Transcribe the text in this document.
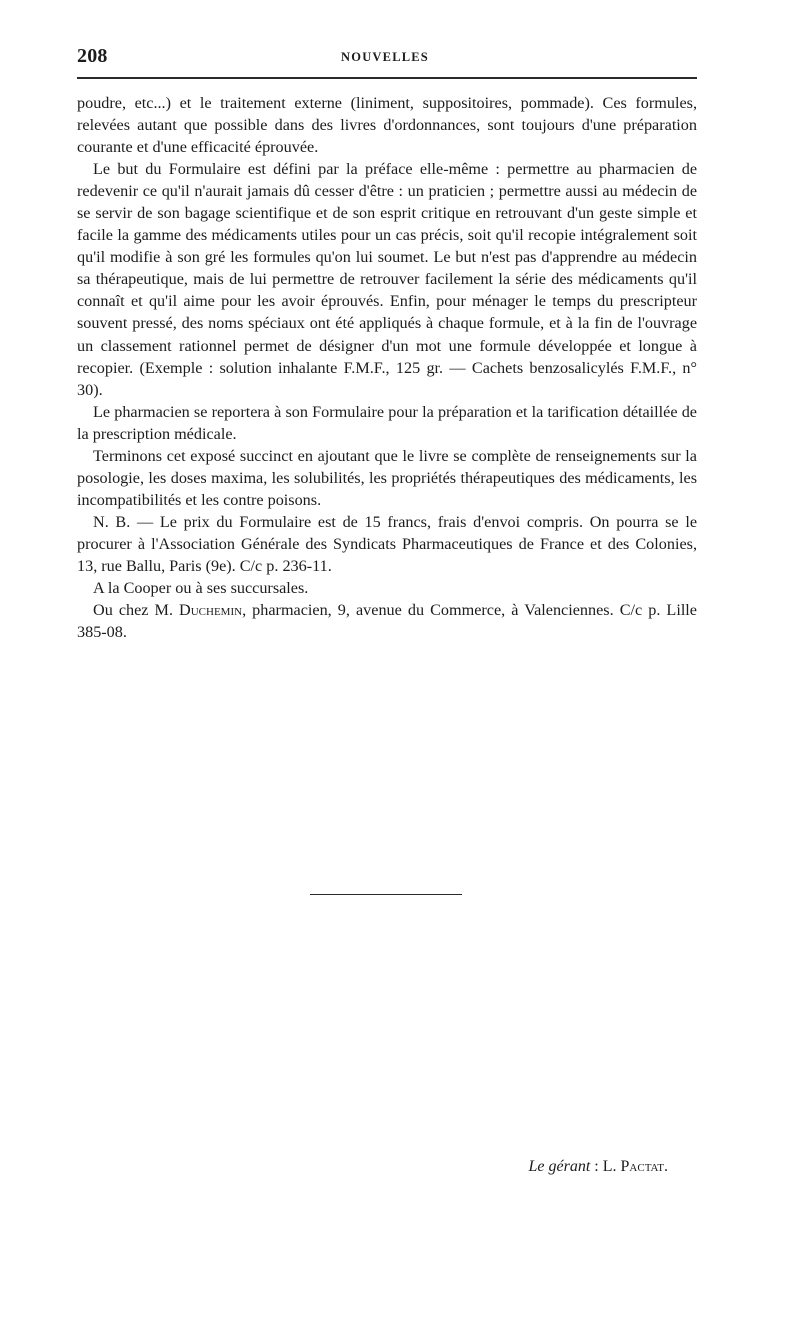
208	NOUVELLES

poudre, etc...) et le traitement externe (liniment, suppositoires, pommade). Ces formules, relevées autant que possible dans des livres d'ordonnances, sont toujours d'une préparation courante et d'une efficacité éprouvée.

Le but du Formulaire est défini par la préface elle-même : permettre au pharmacien de redevenir ce qu'il n'aurait jamais dû cesser d'être : un praticien ; permettre aussi au médecin de se servir de son bagage scientifique et de son esprit critique en retrouvant d'un geste simple et facile la gamme des médicaments utiles pour un cas précis, soit qu'il recopie intégralement soit qu'il modifie à son gré les formules qu'on lui soumet. Le but n'est pas d'apprendre au médecin sa thérapeutique, mais de lui permettre de retrouver facilement la série des médicaments qu'il connaît et qu'il aime pour les avoir éprouvés. Enfin, pour ménager le temps du prescripteur souvent pressé, des noms spéciaux ont été appliqués à chaque formule, et à la fin de l'ouvrage un classement rationnel permet de désigner d'un mot une formule développée et longue à recopier. (Exemple : solution inhalante F.M.F., 125 gr. — Cachets benzosalicylés F.M.F., n° 30).

Le pharmacien se reportera à son Formulaire pour la préparation et la tarification détaillée de la prescription médicale.

Terminons cet exposé succinct en ajoutant que le livre se complète de renseignements sur la posologie, les doses maxima, les solubilités, les propriétés thérapeutiques des médicaments, les incompatibilités et les contre poisons.

N. B. — Le prix du Formulaire est de 15 francs, frais d'envoi compris. On pourra se le procurer à l'Association Générale des Syndicats Pharmaceutiques de France et des Colonies, 13, rue Ballu, Paris (9e). C/c p. 236-11.

A la Cooper ou à ses succursales.

Ou chez M. Duchemin, pharmacien, 9, avenue du Commerce, à Valenciennes. C/c p. Lille 385-08.

Le gérant : L. Pactat.
